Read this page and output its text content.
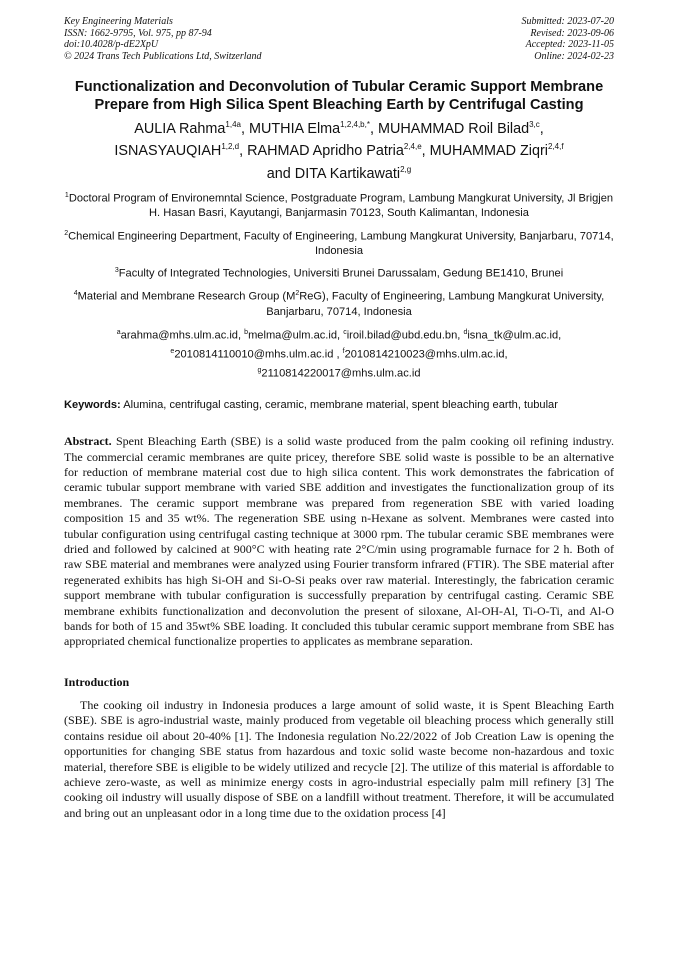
Key Engineering Materials
ISSN: 1662-9795, Vol. 975, pp 87-94
doi:10.4028/p-dE2XpU
© 2024 Trans Tech Publications Ltd, Switzerland
Submitted: 2023-07-20
Revised: 2023-09-06
Accepted: 2023-11-05
Online: 2024-02-23
Functionalization and Deconvolution of Tubular Ceramic Support Membrane Prepare from High Silica Spent Bleaching Earth by Centrifugal Casting
AULIA Rahma$^{1,4a}$, MUTHIA Elma$^{1,2,4,b,*}$, MUHAMMAD Roil Bilad$^{3,c}$,
ISNASYAUQIAH$^{1,2,d}$, RAHMAD Apridho Patria$^{2,4,e}$, MUHAMMAD Ziqri$^{2,4,f}$
and DITA Kartikawati$^{2,g}$
$^1$Doctoral Program of Environemntal Science, Postgraduate Program, Lambung Mangkurat University, Jl Brigjen H. Hasan Basri, Kayutangi, Banjarmasin 70123, South Kalimantan, Indonesia
$^2$Chemical Engineering Department, Faculty of Engineering, Lambung Mangkurat University, Banjarbaru, 70714, Indonesia
$^3$Faculty of Integrated Technologies, Universiti Brunei Darussalam, Gedung BE1410, Brunei
$^4$Material and Membrane Research Group $(M^2ReG)$, Faculty of Engineering, Lambung Mangkurat University, Banjarbaru, 70714, Indonesia
$^a$arahma@mhs.ulm.ac.id, $^b$melma@ulm.ac.id, $^c$iroil.bilad@ubd.edu.bn, $^d$isna_tk@ulm.ac.id,
$^e$2010814110010@mhs.ulm.ac.id , $^f$2010814210023@mhs.ulm.ac.id,
$^g$2110814220017@mhs.ulm.ac.id
Keywords: Alumina, centrifugal casting, ceramic, membrane material, spent bleaching earth, tubular
Abstract. Spent Bleaching Earth (SBE) is a solid waste produced from the palm cooking oil refining industry. The commercial ceramic membranes are quite pricey, therefore SBE solid waste is possible to be an alternative for reduction of membrane material cost due to high silica content. This work demonstrates the fabrication of ceramic tubular support membrane with varied SBE addition and investigates the functionalization group of its membranes. The ceramic support membrane was prepared from regeneration SBE with varied loading composition 15 and 35 wt%. The regeneration SBE using n-Hexane as solvent. Membranes were casted into tubular configuration using centrifugal casting technique at 3000 rpm. The tubular ceramic SBE membranes were dried and followed by calcined at 900°C with heating rate 2°C/min using programable furnace for 2 h. Both of raw SBE material and membranes were analyzed using Fourier transform infrared (FTIR). The SBE material after regenerated exhibits has high Si-OH and Si-O-Si peaks over raw material. Interestingly, the fabrication ceramic support membrane with tubular configuration is successfully preparation by centrifugal casting. Ceramic SBE membrane exhibits functionalization and deconvolution the present of siloxane, Al-OH-Al, Ti-O-Ti, and Al-O bands for both of 15 and 35wt% SBE loading. It concluded this tubular ceramic support membrane from SBE has appropriated chemical functionalize properties to applicates as membrane separation.
Introduction
The cooking oil industry in Indonesia produces a large amount of solid waste, it is Spent Bleaching Earth (SBE). SBE is agro-industrial waste, mainly produced from vegetable oil bleaching process which generally still contains residue oil about 20-40% [1]. The Indonesia regulation No.22/2022 of Job Creation Law is opening the opportunities for changing SBE status from hazardous and toxic solid waste become non-hazardous and toxic material, therefore SBE is eligible to be widely utilized and recycle [2]. The utilize of this material is affordable to achieve zero-waste, as well as minimize energy costs in agro-industrial especially palm mill refinery [3] The cooking oil industry will usually dispose of SBE on a landfill without treatment. Therefore, it will be accumulated and bring out an unpleasant odor in a long time due to the oxidation process [4]
